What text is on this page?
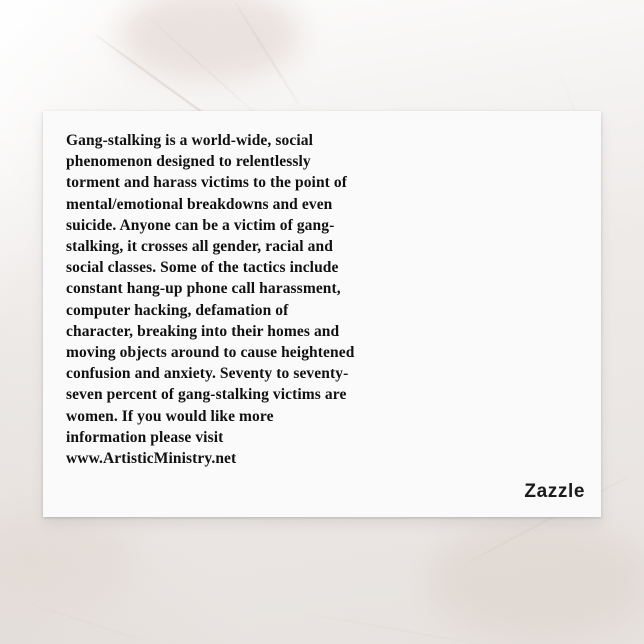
Gang-stalking is a world-wide, social phenomenon designed to relentlessly torment and harass victims to the point of mental/emotional breakdowns and even suicide. Anyone can be a victim of gang-stalking, it crosses all gender, racial and social classes. Some of the tactics include constant hang-up phone call harassment, computer hacking, defamation of character, breaking into their homes and moving objects around to cause heightened confusion and anxiety. Seventy to seventy-seven percent of gang-stalking victims are women. If you would like more information please visit www.ArtisticMinistry.net

Zazzle
